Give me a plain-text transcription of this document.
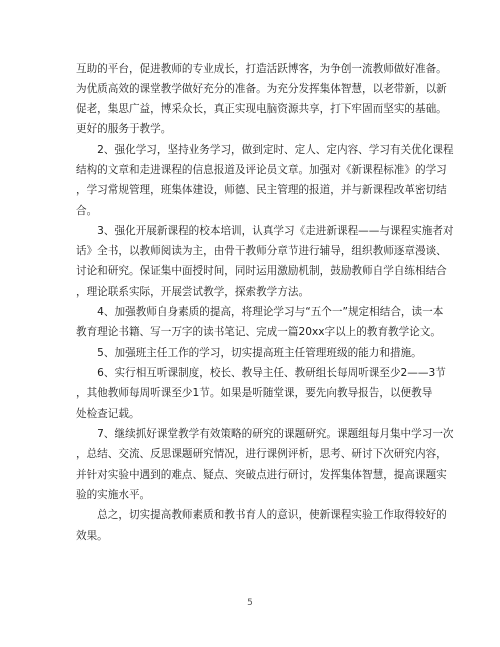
互助的平台，促进教师的专业成长，打造活跃博客，为争创一流教师做好准备。
为优质高效的课堂教学做好充分的准备。为充分发挥集体智慧，以老带新，以新
促老，集思广益，博采众长，真正实现电脑资源共享，打下牢固而坚实的基础。
更好的服务于教学。
　　2、强化学习，坚持业务学习，做到定时、定人、定内容、学习有关优化课程
结构的文章和走进课程的信息报道及评论员文章。加强对《新课程标准》的学习
，学习常规管理，班集体建设，师德、民主管理的报道，并与新课程改革密切结
合。
　　3、强化开展新课程的校本培训，认真学习《走进新课程——与课程实施者对
话》全书，以教师阅读为主，由骨干教师分章节进行辅导，组织教师逐章漫谈、
讨论和研究。保证集中面授时间，同时运用激励机制，鼓励教师自学自练相结合
，理论联系实际，开展尝试教学，探索教学方法。
　　4、加强教师自身素质的提高，将理论学习与“五个一”规定相结合，读一本
教育理论书籍、写一万字的读书笔记、完成一篇20xx字以上的教育教学论文。
　　5、加强班主任工作的学习，切实提高班主任管理班级的能力和措施。
　　6、实行相互听课制度，校长、教导主任、教研组长每周听课至少2——3节
，其他教师每周听课至少1节。如果是听随堂课，要先向教导报告，以便教导
处检查记载。
　　7、继续抓好课堂教学有效策略的研究的课题研究。课题组每月集中学习一次
，总结、交流、反思课题研究情况，进行课例评析，思考、研讨下次研究内容，
并针对实验中遇到的难点、疑点、突破点进行研讨，发挥集体智慧，提高课题实
验的实施水平。
　　总之，切实提高教师素质和教书育人的意识，使新课程实验工作取得较好的
效果。
5
